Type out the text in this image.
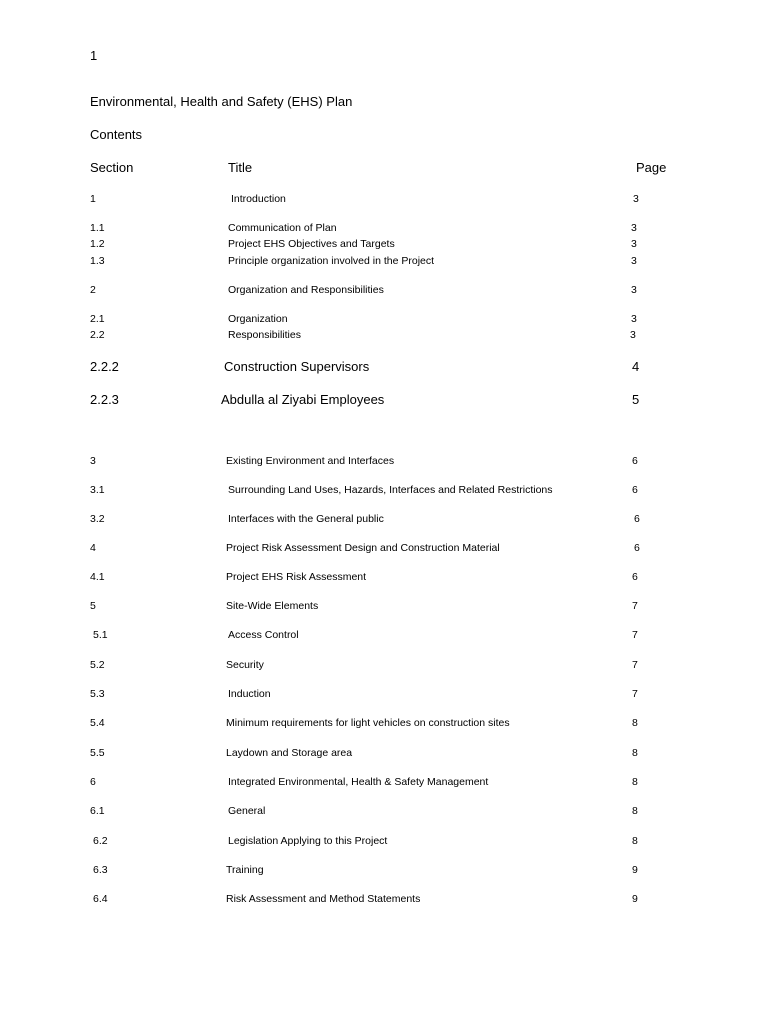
1
Environmental, Health and Safety (EHS) Plan
Contents
Section	Title	Page
1	Introduction	3
1.1	Communication of Plan	3
1.2	Project EHS Objectives and Targets	3
1.3	Principle organization involved in the Project	3
2	Organization and Responsibilities	3
2.1	Organization	3
2.2	Responsibilities	3
2.2.2	Construction Supervisors	4
2.2.3	Abdulla al Ziyabi Employees	5
3	Existing Environment and Interfaces	6
3.1	Surrounding Land Uses, Hazards, Interfaces and Related Restrictions	6
3.2	Interfaces with the General public	6
4	Project Risk Assessment Design and Construction Material	6
4.1	Project EHS Risk Assessment	6
5	Site-Wide Elements	7
5.1	Access Control	7
5.2	Security	7
5.3	Induction	7
5.4	Minimum requirements for light vehicles on construction sites	8
5.5	Laydown and Storage area	8
6	Integrated Environmental, Health & Safety Management	8
6.1	General	8
6.2	Legislation Applying to this Project	8
6.3	Training	9
6.4	Risk Assessment and Method Statements	9
